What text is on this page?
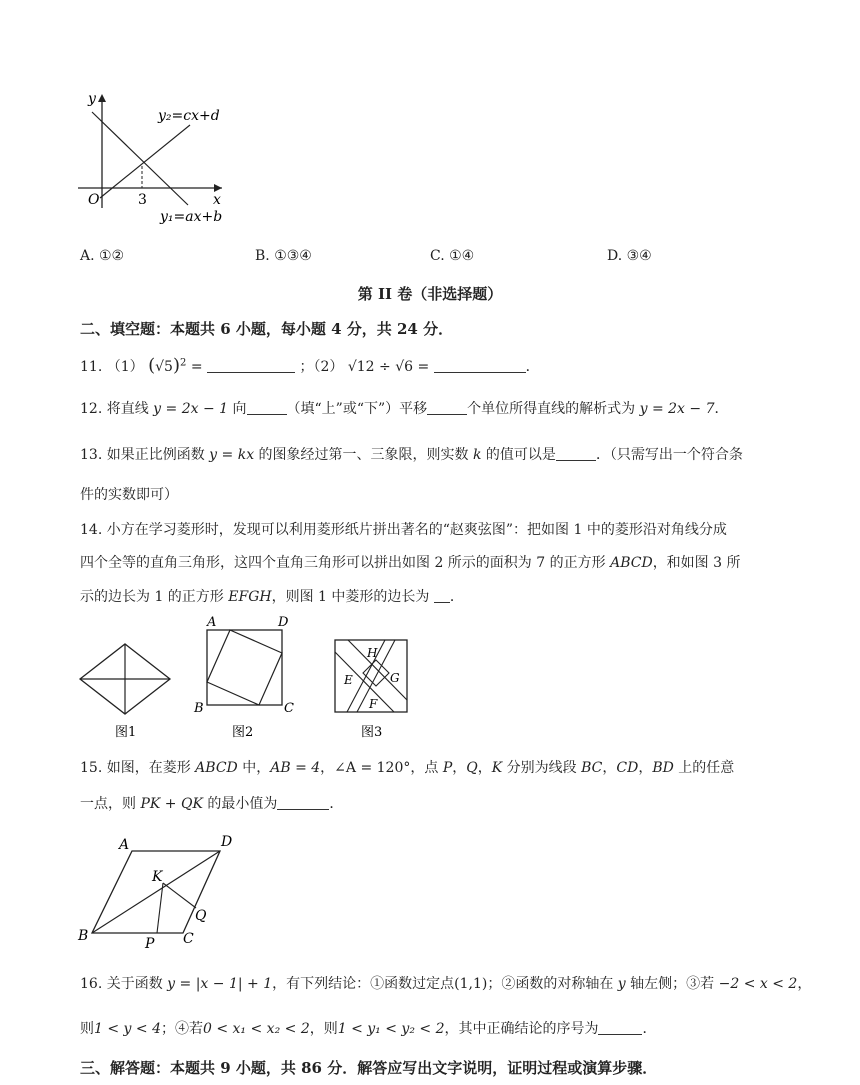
y
x
O	3
y₂=cx+d
y₁=ax+b
A. ①②	B. ①③④	C. ①④	D. ③④
第 II 卷（非选择题）
二、填空题：本题共 6 小题，每小题 4 分，共 24 分．
11. （1） $(√5)^2$ =	；（2） √12 ÷ √6 =	．
12. 将直线 y = 2x − 1 向	（填“上”或“下”）平移	个单位所得直线的解析式为 y = 2x − 7．
13. 如果正比例函数 y = kx 的图象经过第一、三象限，则实数 k 的值可以是	．（只需写出一个符合条
件的实数即可）
14. 小方在学习菱形时，发现可以利用菱形纸片拼出著名的“赵爽弦图”：把如图 1 中的菱形沿对角线分成
四个全等的直角三角形，这四个直角三角形可以拼出如图 2 所示的面积为 7 的正方形 ABCD，和如图 3 所
示的边长为 1 的正方形 EFGH，则图 1 中菱形的边长为 ．
A	D
B	C
H
E	G
F
图1	图2	图3
15. 如图，在菱形 ABCD 中，AB = 4，∠A = 120°，点 P，Q，K 分别为线段 BC，CD，BD 上的任意
一点，则 PK + QK 的最小值为	．
A	D
B	C
K
P
Q
16. 关于函数 y = |x − 1| + 1，有下列结论：①函数过定点(1,1)；②函数的对称轴在 y 轴左侧；③若 −2 < x < 2，
则1 < y < 4；④若0 < x₁ < x₂ < 2，则1 < y₁ < y₂ < 2，其中正确结论的序号为	．
三、解答题：本题共 9 小题，共 86 分．解答应写出文字说明，证明过程或演算步骤．
